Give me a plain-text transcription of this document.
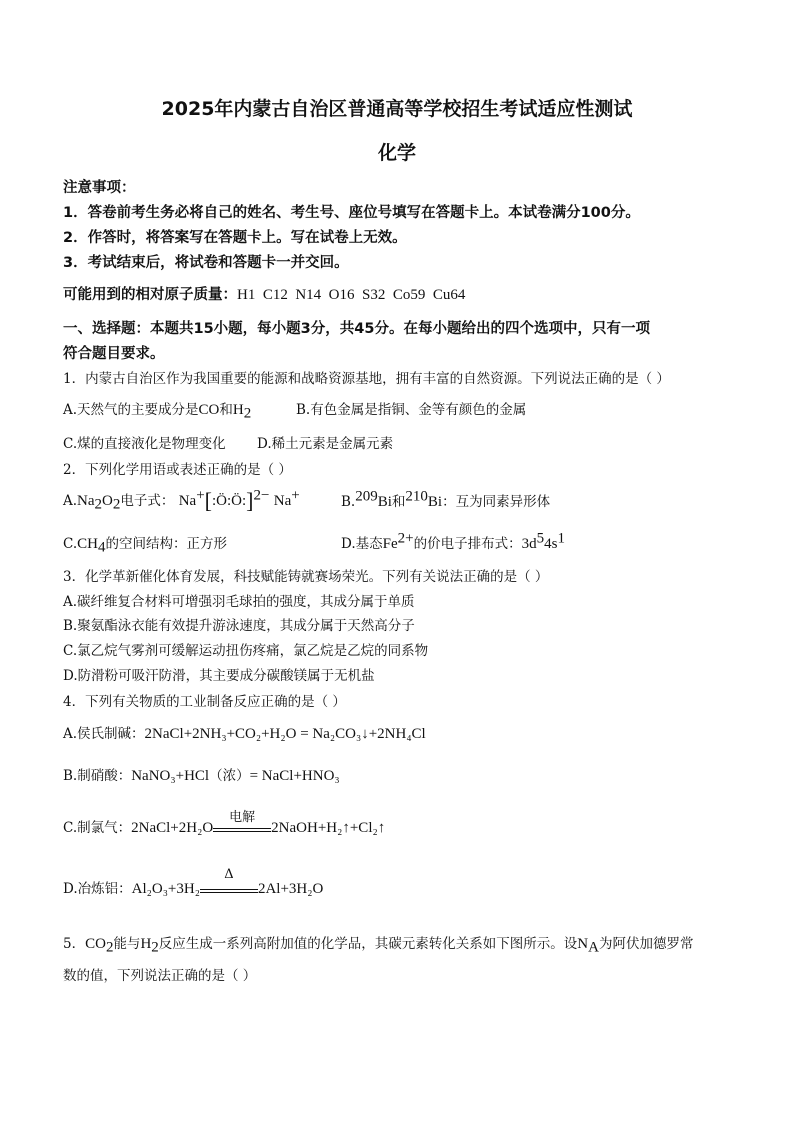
2025年内蒙古自治区普通高等学校招生考试适应性测试
化学
注意事项：
1．答卷前考生务必将自己的姓名、考生号、座位号填写在答题卡上。本试卷满分100分。
2．作答时，将答案写在答题卡上。写在试卷上无效。
3．考试结束后，将试卷和答题卡一并交回。
可能用到的相对原子质量：H1  C12  N14  O16  S32  Co59  Cu64
一、选择题：本题共15小题，每小题3分，共45分。在每小题给出的四个选项中，只有一项
符合题目要求。
1．内蒙古自治区作为我国重要的能源和战略资源基地，拥有丰富的自然资源。下列说法正确的是（ ）
A.天然气的主要成分是CO和$H_2$	B.有色金属是指铜、金等有颜色的金属
C.煤的直接液化是物理变化 D.稀土元素是金属元素
2．下列化学用语或表述正确的是（ ）
$A.Na_2O_2$电子式： Na+[:Ö:Ö:]$^{2-}$ Na+	B.$^{209}$Bi和$^{210}$Bi：互为同素异形体
$C.CH_4$的空间结构：正方形	D.基态$Fe^{2+}$的价电子排布式：$3d^54s^1$
3．化学革新催化体育发展，科技赋能铸就赛场荣光。下列有关说法正确的是（ ）
A.碳纤维复合材料可增强羽毛球拍的强度，其成分属于单质
B.聚氨酯泳衣能有效提升游泳速度，其成分属于天然高分子
C.氯乙烷气雾剂可缓解运动扭伤疼痛，氯乙烷是乙烷的同系物
D.防滑粉可吸汗防滑，其主要成分碳酸镁属于无机盐
4．下列有关物质的工业制备反应正确的是（ ）
A.侯氏制碱：2NaCl+2NH₃+CO₂+H₂O = Na₂CO₃↓+2NH₄Cl
B.制硝酸：NaNO₃+HCl（浓）= NaCl+HNO₃
C.制氯气：2NaCl+2H₂O
电解
2NaOH+H₂↑+Cl₂↑
D.冶炼铝：Al₂O₃+3H₂
Δ
2Al+3H₂O
5．$CO_2$能与$H_2$反应生成一系列高附加值的化学品，其碳元素转化关系如下图所示。设$N_A$为阿伏加德罗常
数的值，下列说法正确的是（ ）
